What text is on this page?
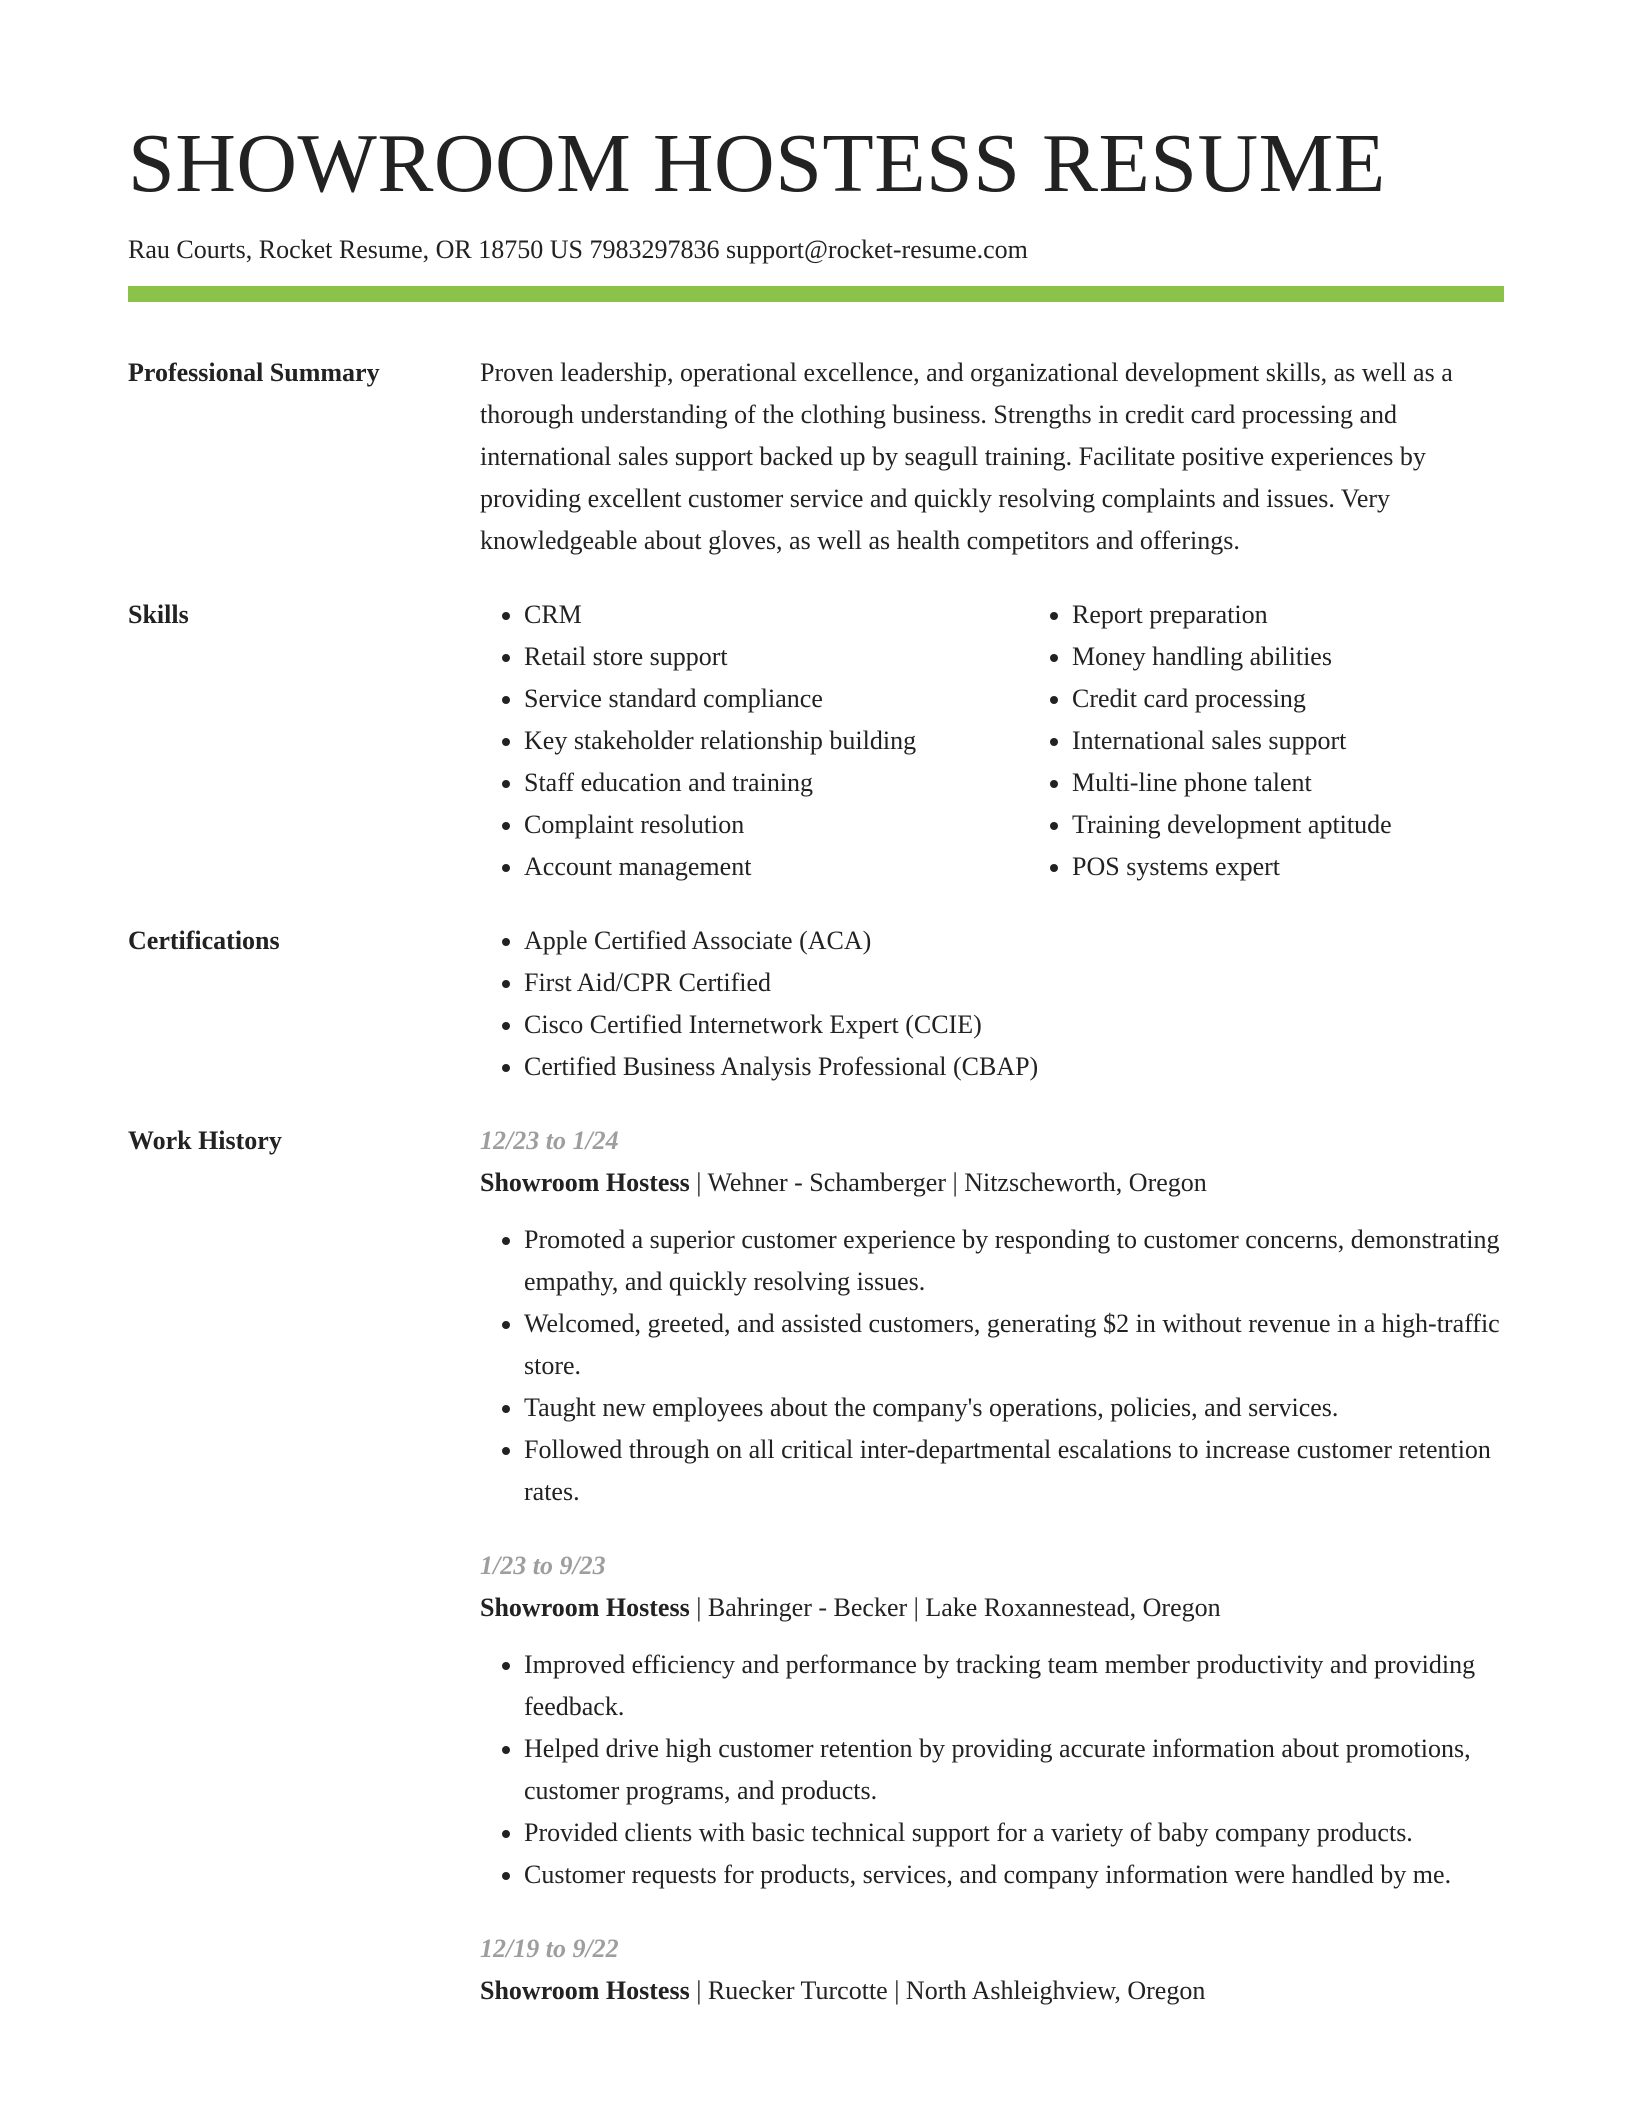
SHOWROOM HOSTESS RESUME
Rau Courts, Rocket Resume, OR 18750 US 7983297836 support@rocket-resume.com
Professional Summary	Proven leadership, operational excellence, and organizational development skills, as well as a thorough understanding of the clothing business. Strengths in credit card processing and international sales support backed up by seagull training. Facilitate positive experiences by providing excellent customer service and quickly resolving complaints and issues. Very knowledgeable about gloves, as well as health competitors and offerings.
Skills	• CRM
• Retail store support
• Service standard compliance
• Key stakeholder relationship building
• Staff education and training
• Complaint resolution
• Account management
• Report preparation
• Money handling abilities
• Credit card processing
• International sales support
• Multi-line phone talent
• Training development aptitude
• POS systems expert
Certifications	• Apple Certified Associate (ACA)
• First Aid/CPR Certified
• Cisco Certified Internetwork Expert (CCIE)
• Certified Business Analysis Professional (CBAP)
Work History	12/23 to 1/24
Showroom Hostess | Wehner - Schamberger | Nitzscheworth, Oregon
• Promoted a superior customer experience by responding to customer concerns, demonstrating empathy, and quickly resolving issues.
• Welcomed, greeted, and assisted customers, generating $2 in without revenue in a high-traffic store.
• Taught new employees about the company's operations, policies, and services.
• Followed through on all critical inter-departmental escalations to increase customer retention rates.
1/23 to 9/23
Showroom Hostess | Bahringer - Becker | Lake Roxannestead, Oregon
• Improved efficiency and performance by tracking team member productivity and providing feedback.
• Helped drive high customer retention by providing accurate information about promotions, customer programs, and products.
• Provided clients with basic technical support for a variety of baby company products.
• Customer requests for products, services, and company information were handled by me.
12/19 to 9/22
Showroom Hostess | Ruecker Turcotte | North Ashleighview, Oregon
